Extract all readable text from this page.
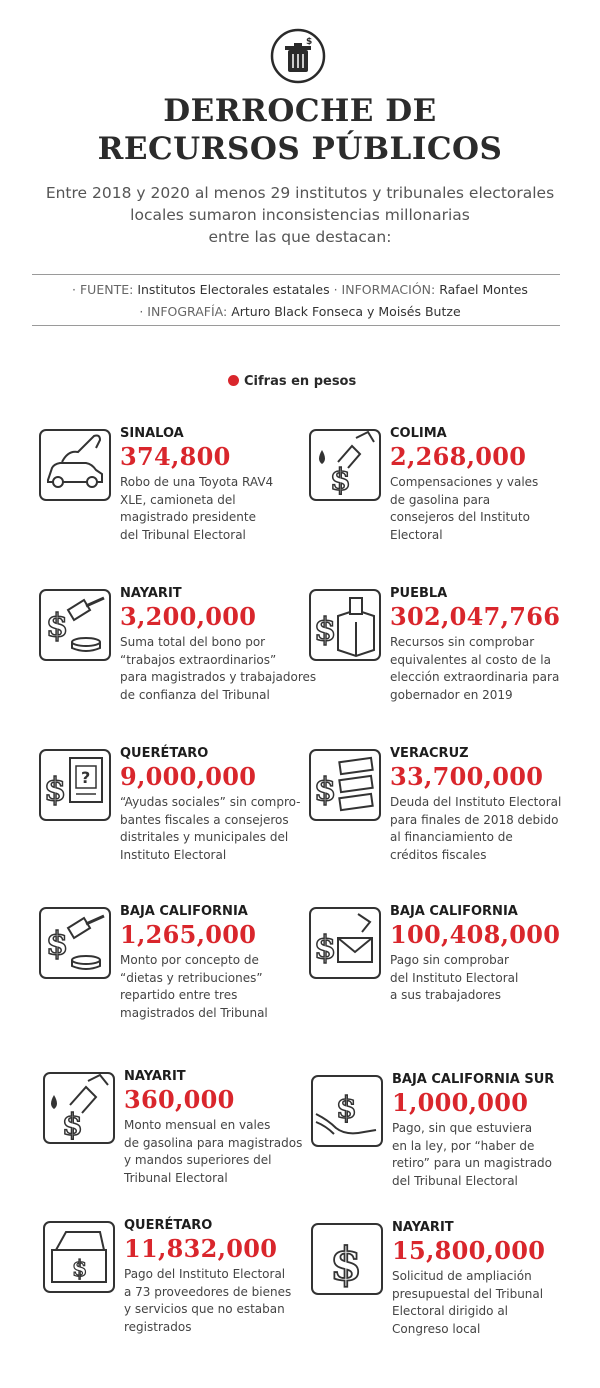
$
DERROCHE DE
RECURSOS PÚBLICOS
Entre 2018 y 2020 al menos 29 institutos y tribunales electorales
locales sumaron inconsistencias millonarias
entre las que destacan:
· FUENTE: Institutos Electorales estatales · INFORMACIÓN: Rafael Montes
· INFOGRAFÍA: Arturo Black Fonseca y Moisés Butze
Cifras en pesos
SINALOA
374,800
Robo de una Toyota RAV4
XLE, camioneta del
magistrado presidente
del Tribunal Electoral
$
COLIMA
2,268,000
Compensaciones y vales
de gasolina para
consejeros del Instituto
Electoral
$
NAYARIT
3,200,000
Suma total del bono por
“trabajos extraordinarios”
para magistrados y trabajadores
de confianza del Tribunal
$
PUEBLA
302,047,766
Recursos sin comprobar
equivalentes al costo de la
elección extraordinaria para
gobernador en 2019
$ ?
QUERÉTARO
9,000,000
“Ayudas sociales” sin compro-
bantes fiscales a consejeros
distritales y municipales del
Instituto Electoral
$
VERACRUZ
33,700,000
Deuda del Instituto Electoral
para finales de 2018 debido
al financiamiento de
créditos fiscales
$
BAJA CALIFORNIA
1,265,000
Monto por concepto de
“dietas y retribuciones”
repartido entre tres
magistrados del Tribunal
$
BAJA CALIFORNIA
100,408,000
Pago sin comprobar
del Instituto Electoral
a sus trabajadores
$
NAYARIT
360,000
Monto mensual en vales
de gasolina para magistrados
y mandos superiores del
Tribunal Electoral
$
BAJA CALIFORNIA SUR
1,000,000
Pago, sin que estuviera
en la ley, por “haber de
retiro” para un magistrado
del Tribunal Electoral
$
QUERÉTARO
11,832,000
Pago del Instituto Electoral
a 73 proveedores de bienes
y servicios que no estaban
registrados
$
NAYARIT
15,800,000
Solicitud de ampliación
presupuestal del Tribunal
Electoral dirigido al
Congreso local
